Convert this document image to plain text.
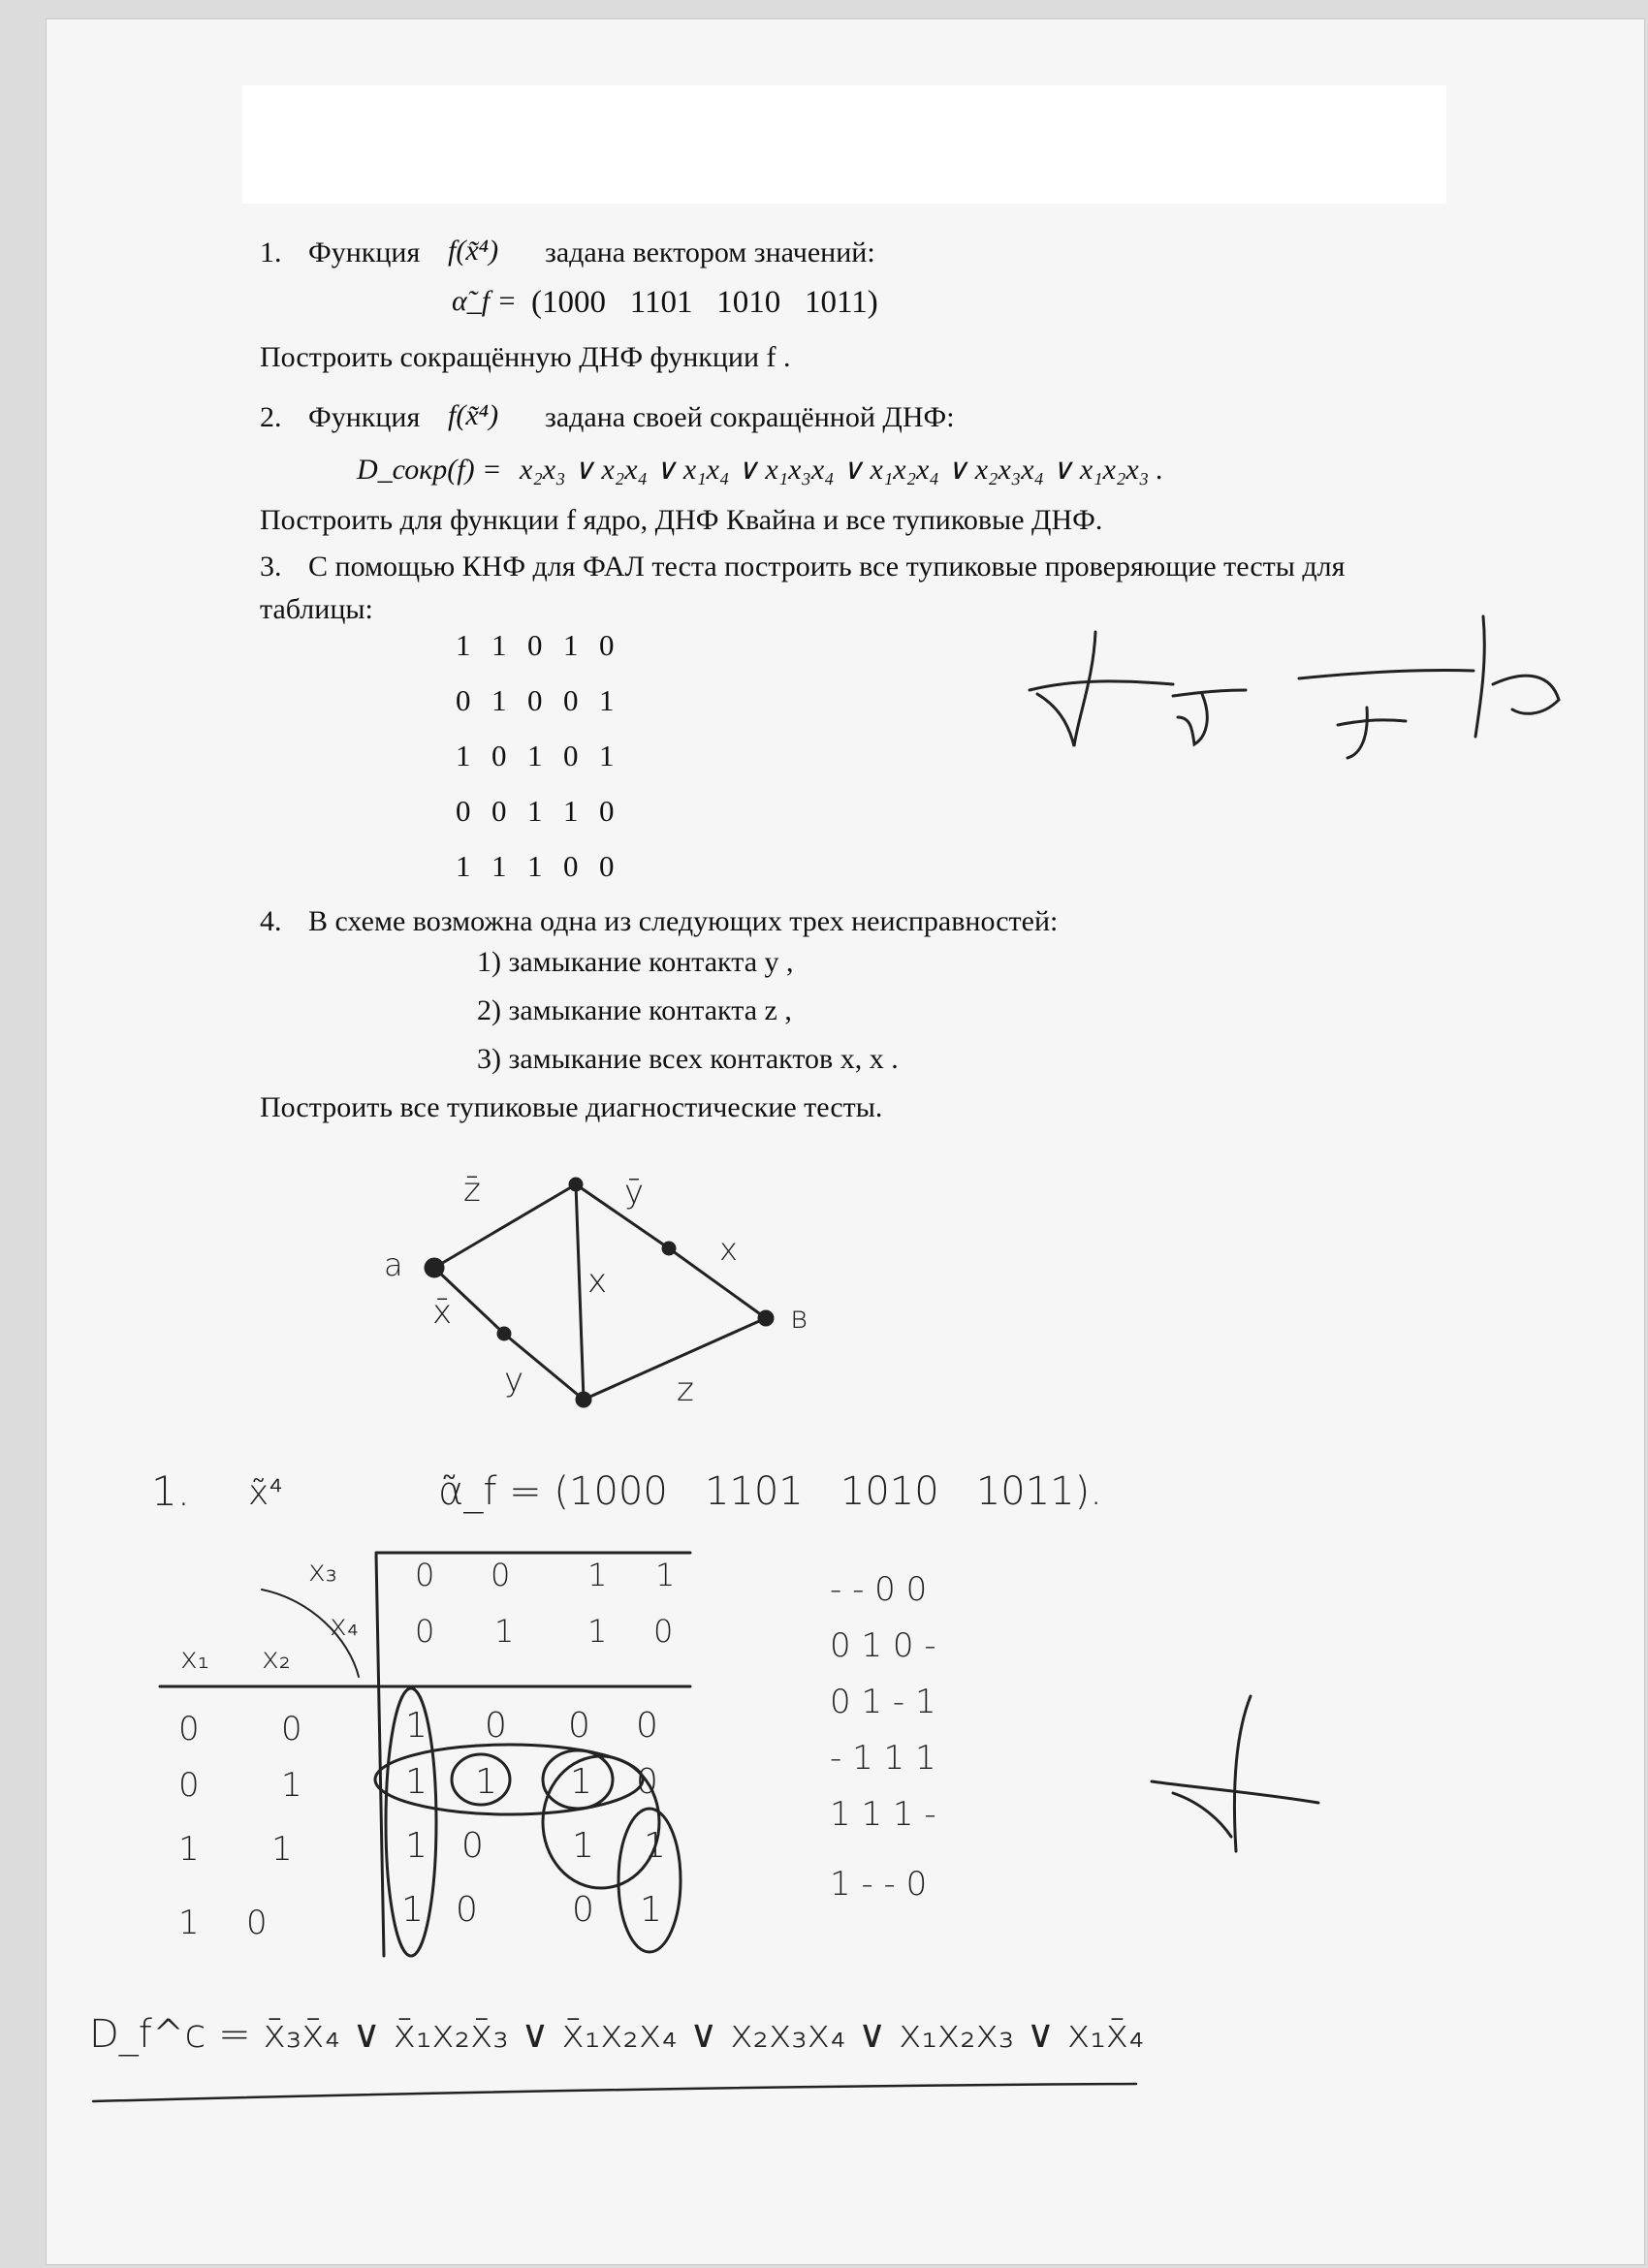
1. Функция f(x̃⁴) задана вектором значений:
α̃_f = (1000   1101   1010   1011)
Построить сокращённую ДНФ функции f .
2. Функция f(x̃⁴) задана своей сокращённой ДНФ:
D_сокр(f) = x₂x₃ ∨ x₂x₄ ∨ x₁x₄ ∨ x₁x₃x₄ ∨ x₁x₂x₄ ∨ x₂x₃x₄ ∨ x₁x₂x₃ .
Построить для функции f ядро, ДНФ Квайна и все тупиковые ДНФ.
3. С помощью КНФ для ФАЛ теста построить все тупиковые проверяющие тесты для
таблицы:
1 1 0 1 0
0 1 0 0 1
1 0 1 0 1
0 0 1 1 0
1 1 1 0 0
4. В схеме возможна одна из следующих трех неисправностей:
1) замыкание контакта y ,
2) замыкание контакта z ,
3) замыкание всех контактов x, x .
Построить все тупиковые диагностические тесты.
a
в
z̄	ȳ
x
x
x̄
y	z
1. x̃⁴	α̃_f = (1000   1101   1010   1011).
x₃
x₄
x₁ x₂
0 0 1 1
0 1 1 0
0 0	1 0 0 0
0 1	1 1 1 0
1 1	1 0	1 1
1 0	1 0	0 1
- - 0 0
0 1 0 -
0 1 - 1
- 1 1 1
1 1 1 -
1 - - 0
D_f^c = x̄₃x̄₄ ∨ x̄₁x₂x̄₃ ∨ x̄₁x₂x₄ ∨ x₂x₃x₄ ∨ x₁x₂x₃ ∨ x₁x̄₄
